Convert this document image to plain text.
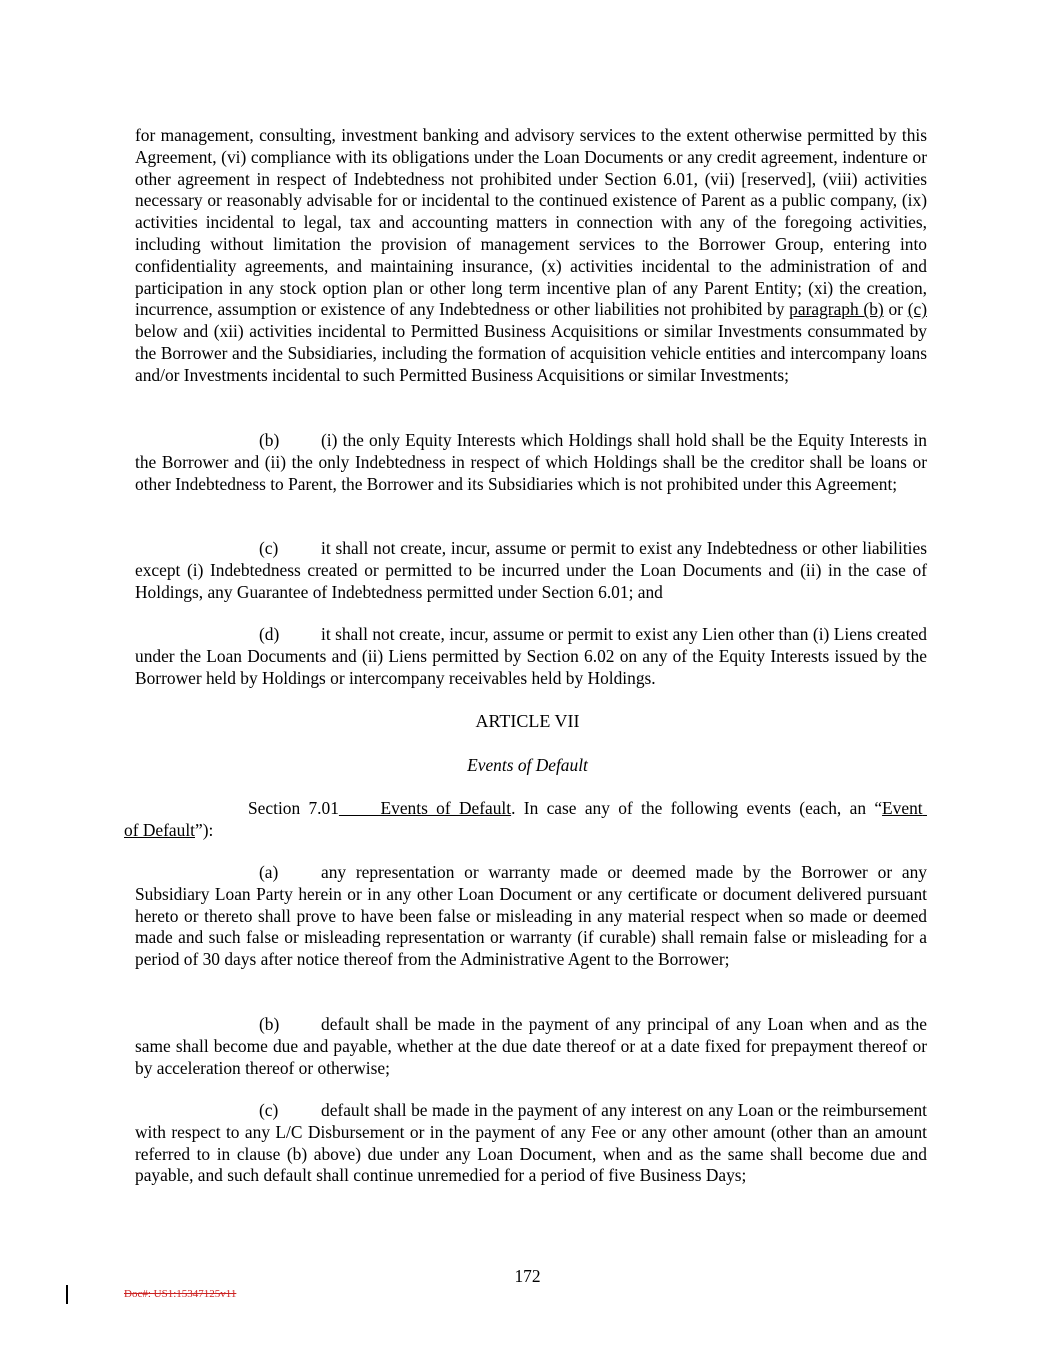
for management, consulting, investment banking and advisory services to the extent otherwise permitted by this Agreement, (vi) compliance with its obligations under the Loan Documents or any credit agreement, indenture or other agreement in respect of Indebtedness not prohibited under Section 6.01, (vii) [reserved], (viii) activities necessary or reasonably advisable for or incidental to the continued existence of Parent as a public company, (ix) activities incidental to legal, tax and accounting matters in connection with any of the foregoing activities, including without limitation the provision of management services to the Borrower Group, entering into confidentiality agreements, and maintaining insurance, (x) activities incidental to the administration of and participation in any stock option plan or other long term incentive plan of any Parent Entity; (xi) the creation, incurrence, assumption or existence of any Indebtedness or other liabilities not prohibited by paragraph (b) or (c) below and (xii) activities incidental to Permitted Business Acquisitions or similar Investments consummated by the Borrower and the Subsidiaries, including the formation of acquisition vehicle entities and intercompany loans and/or Investments incidental to such Permitted Business Acquisitions or similar Investments;

(b) (i) the only Equity Interests which Holdings shall hold shall be the Equity Interests in the Borrower and (ii) the only Indebtedness in respect of which Holdings shall be the creditor shall be loans or other Indebtedness to Parent, the Borrower and its Subsidiaries which is not prohibited under this Agreement;

(c) it shall not create, incur, assume or permit to exist any Indebtedness or other liabilities except (i) Indebtedness created or permitted to be incurred under the Loan Documents and (ii) in the case of Holdings, any Guarantee of Indebtedness permitted under Section 6.01; and

(d) it shall not create, incur, assume or permit to exist any Lien other than (i) Liens created under the Loan Documents and (ii) Liens permitted by Section 6.02 on any of the Equity Interests issued by the Borrower held by Holdings or intercompany receivables held by Holdings.

ARTICLE VII

Events of Default

Section 7.01 Events of Default. In case any of the following events (each, an “Event
of Default”):

(a) any representation or warranty made or deemed made by the Borrower or any Subsidiary Loan Party herein or in any other Loan Document or any certificate or document delivered pursuant hereto or thereto shall prove to have been false or misleading in any material respect when so made or deemed made and such false or misleading representation or warranty (if curable) shall remain false or misleading for a period of 30 days after notice thereof from the Administrative Agent to the Borrower;

(b) default shall be made in the payment of any principal of any Loan when and as the same shall become due and payable, whether at the due date thereof or at a date fixed for prepayment thereof or by acceleration thereof or otherwise;

(c) default shall be made in the payment of any interest on any Loan or the reimbursement with respect to any L/C Disbursement or in the payment of any Fee or any other amount (other than an amount referred to in clause (b) above) due under any Loan Document, when and as the same shall become due and payable, and such default shall continue unremedied for a period of five Business Days;

172
Doc#: US1:15347125v11
